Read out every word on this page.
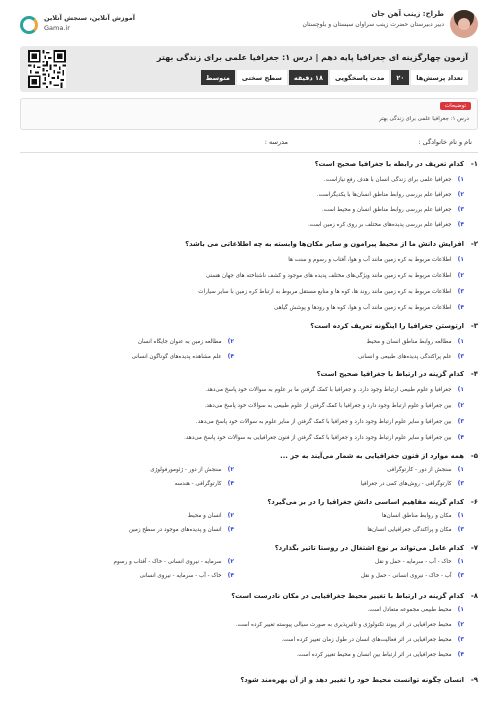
آموزش آنلاین، سنجش آنلاین
Gama.ir
طراح: زینب آهن جان
دبیر دبیرستان حضرت زینب سراوان سیستان و بلوچستان
آزمون چهارگزینه ای جغرافیا پایه دهم | درس ۱: جغرافیا علمی برای زندگی بهتر
تعداد پرسش‌ها
۲۰
مدت پاسخگویی
۱۸ دقیقه
سطح سختی
متوسط
توضیحات
درس ۱: جغرافیا علمی برای زندگی بهتر
نام و نام خانوادگی :
مدرسه :
۱-
کدام تعریف در رابطه با جغرافیا صحیح است؟
۱)جغرافیا علمی برای زندگی انسان با هدف رفع نیازاست.
۲)جغرافیا علم بررسی روابط مناطق انسان‌ها با یکدیگراست.
۳)جغرافیا علم بررسی روابط مناطق انسان و محیط است.
۴)جغرافیا علم بررسی پدیده‌های مختلف بر روی کره زمین است.
۲-
افزایش دانش ما از محیط پیرامون و سایر مکان‌ها وابسته به چه اطلاعاتی می باشد؟
۱)اطلاعات مربوط به کره زمین مانند آب و هوا، آفتاب و رسوم و سنت ها
۲)اطلاعات مربوط به کره زمین مانند ویژگی‌های مختلف پدیده های موجود و کشف ناشناخته های جهان هستی
۳)اطلاعات مربوط به کره زمین مانند روند ها، کوه ها و منابع مستقل مربوط به ارتباط کره زمین با سایر سیارات
۴)اطلاعات مربوط به کره زمین مانند آب و هوا، کوه ها و رودها و پوشش گیاهی
۳-
ارتوستن جغرافیا را اینگونه تعریف کرده است؟
۱)مطالعه روابط مناطق انسان و محیط
۲)مطالعه زمین به عنوان جایگاه انسان
۳)علم پراکندگی پدیده‌های طبیعی و انسانی
۴)علم مشاهده پدیده‌های گوناگون انسانی
۴-
کدام گزینه در ارتباط با جغرافیا صحیح است؟
۱)جغرافیا و علوم طبیعی ارتباط وجود دارد. و جغرافیا با کمک گرفتن ما بر علوم به سوالات خود پاسخ می‌دهد.
۲)بین جغرافیا و علوم ارتباط وجود دارد و جغرافیا با کمک گرفتن از علوم طبیعی به سوالات خود پاسخ می‌دهد.
۳)بین جغرافیا و سایر علوم ارتباط وجود دارد و جغرافیا با کمک گرفتن از سایر علوم به سوالات خود پاسخ می‌دهد.
۴)بین جغرافیا و سایر علوم ارتباط وجود دارد و جغرافیا با کمک گرفتن از فنون جغرافیایی به سوالات خود پاسخ می‌دهد.
۵-
همه موارد از فنون جغرافیایی به شمار می‌آیند به جز ...
۱)سنجش از دور - کارتوگرافی
۲)سنجش از دور - ژئومورفولوژی
۳)کارتوگرافی - روش‌های کمی در جغرافیا
۴)کارتوگرافی - هندسه
۶-
کدام گزینه مفاهیم اساسی دانش جغرافیا را در بر می‌گیرد؟
۱)مکان و روابط مناطق انسان‌ها
۲)انسان و محیط
۳)مکان و پراکندگی جغرافیایی انسان‌ها
۴)انسان و پدیده‌های موجود در سطح زمین
۷-
کدام عامل می‌تواند بر نوع اشتغال در روستا تاثیر بگذارد؟
۱)خاک - آب - سرمایه - حمل و نقل
۲)سرمایه - نیروی انسانی - خاک - آفتاب و رسوم
۳)آب - خاک - نیروی انسانی - حمل و نقل
۴)خاک - آب - سرمایه - نیروی انسانی
۸-
کدام گزینه در ارتباط با تغییر محیط جغرافیایی در مکان نادرست است؟
۱)محیط طبیعی مجموعه متعادل است.
۲)محیط جغرافیایی در اثر پیوند تکنولوژی و تاثیرپذیری به صورت سیالی پیوسته تغییر کرده است.
۳)محیط جغرافیایی در اثر فعالیت‌های انسان در طول زمان تغییر کرده است.
۴)محیط جغرافیایی در اثر ارتباط بین انسان و محیط تغییر کرده است.
۹-
انسان چگونه توانست محیط خود را تغییر دهد و از آن بهره‌مند شود؟
